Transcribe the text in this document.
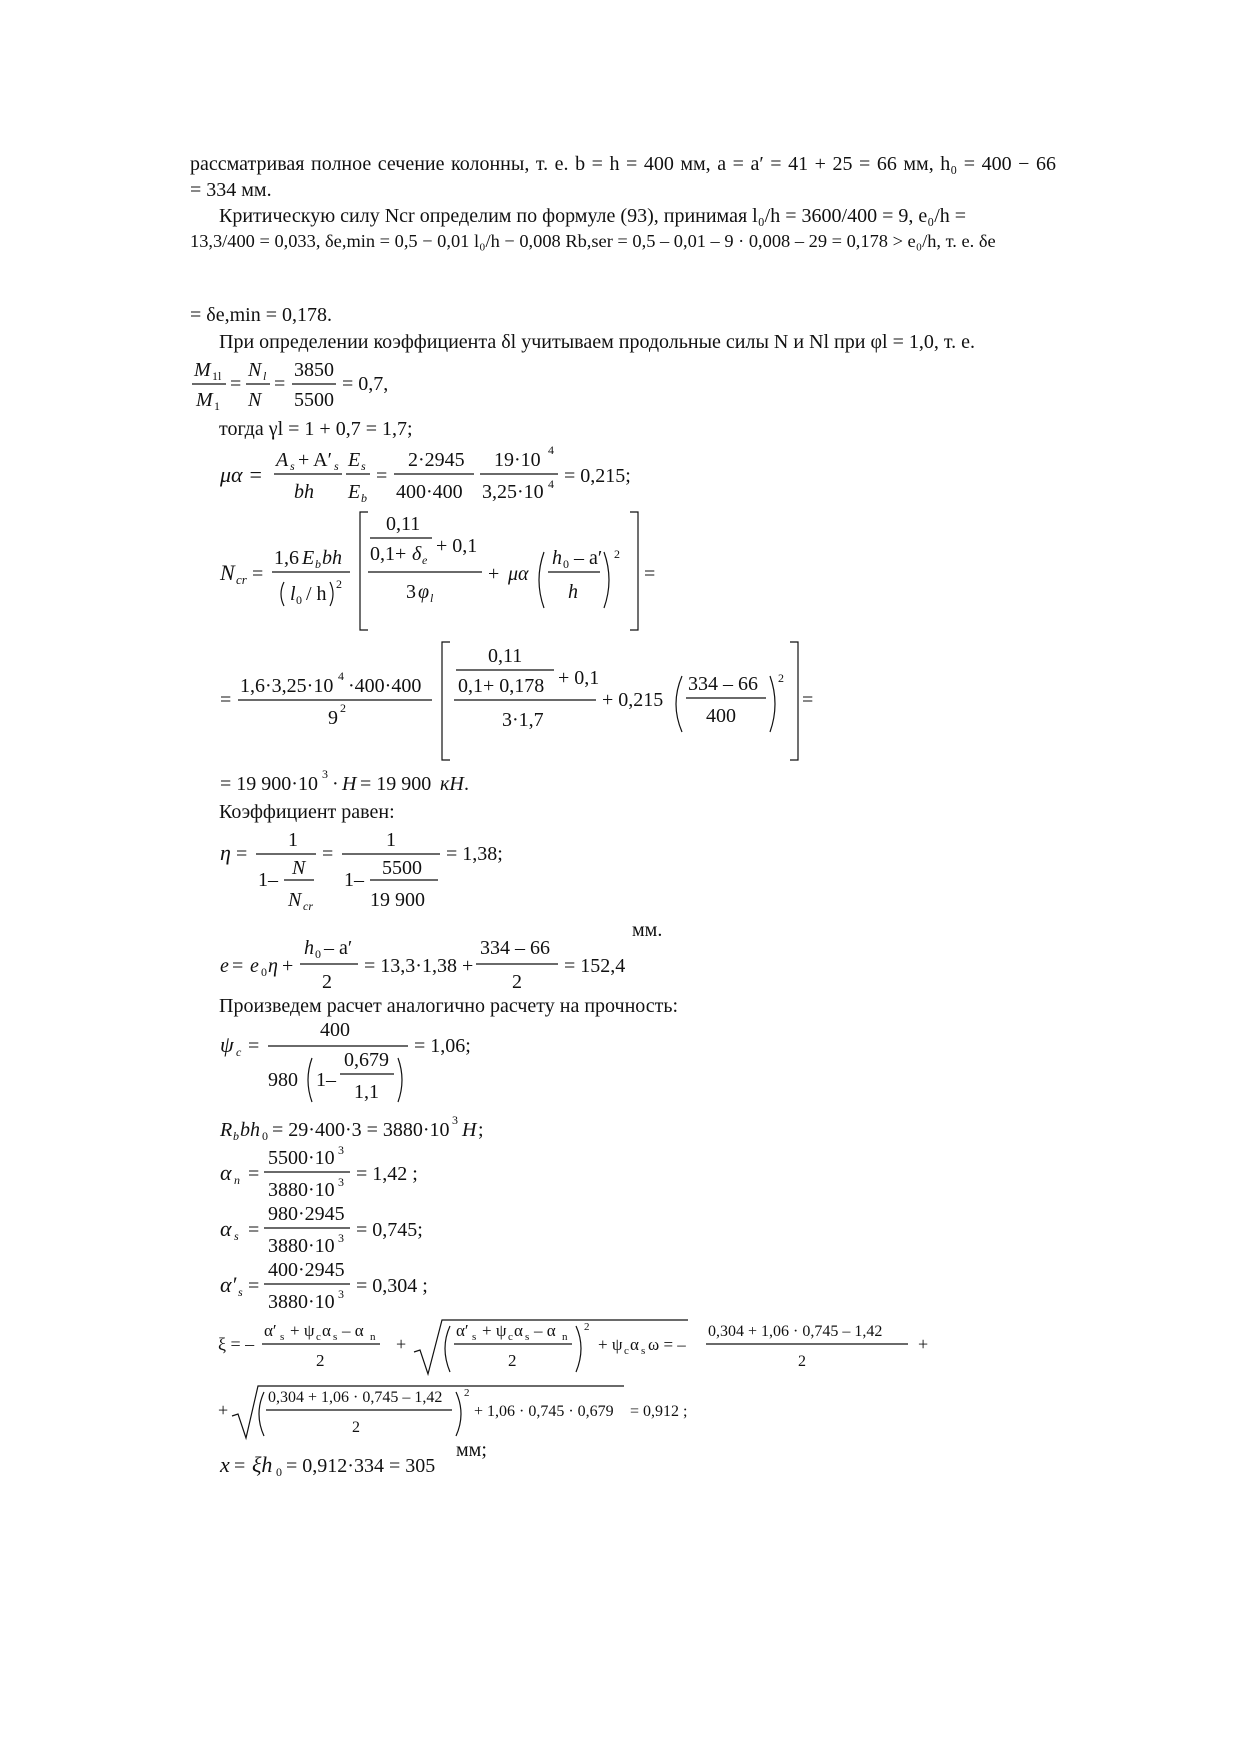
рассматривая полное сечение колонны, т. е. b = h = 400 мм, a = a′ = 41 + 25 = 66 мм, h₀ = 400 − 66
= 334 мм.
Критическую силу Ncr определим по формуле (93), принимая l₀/h = 3600/400 = 9, e₀/h =
13,3/400 = 0,033, δe,min = 0,5 − 0,01 l₀/h − 0,008 Rb,ser = 0,5 – 0,01 – 9 · 0,008 – 29 = 0,178 > e₀/h, т. е. δe
= δe,min = 0,178.
При определении коэффициента δl учитываем продольные силы N и Nl при φl = 1,0, т. е.
M 1l
M 1
=
N l
N
=
3850
5500
= 0,7,
тогда γl = 1 + 0,7 = 1,7;
μα =
A s + A′ s
bh
E s
E b
=
2·2945
400·400
19·10 4
3,25·10 4 = 0,215;
N cr =
1,6 E b bh
l 0 / h 2
0,11
0,1+ δ e
+ 0,1
3 φ l
+ μα
h 0 – a′
h
2
=
=
1,6·3,25·10 4 ·400·400
9 2
0,11
0,1+ 0,178 + 0,1
3·1,7
+ 0,215
334 – 66
400
2
=
= 19 900·10 3 · H = 19 900 кH .
Коэффициент равен:
η =
1
1–
N
N cr
=
1
1–
5500
19 900
= 1,38;
мм.
e = e 0 η +
h 0 – a′
2
= 13,3·1,38 +
334 – 66
2
= 152,4
Произведем расчет аналогично расчету на прочность:
ψ c =
400
980 1–
0,679
1,1
= 1,06;
R b bh 0 = 29·400·3 = 3880·10 3 H ;
α n =
5500·10 3
3880·10 3 = 1,42 ;
α s =
980·2945
3880·10 3 = 0,745;
α′ s =
400·2945
3880·10 3 = 0,304 ;
ξ = –
α′ s + ψ c α s – α n
2
+
α′ s + ψ c α s – α n
2
2
+ ψ c α s ω = –
0,304 + 1,06 · 0,745 – 1,42
2
+
+
0,304 + 1,06 · 0,745 – 1,42
2
2
+ 1,06 · 0,745 · 0,679 = 0,912 ;
мм;
x = ξh 0 = 0,912·334 = 305
